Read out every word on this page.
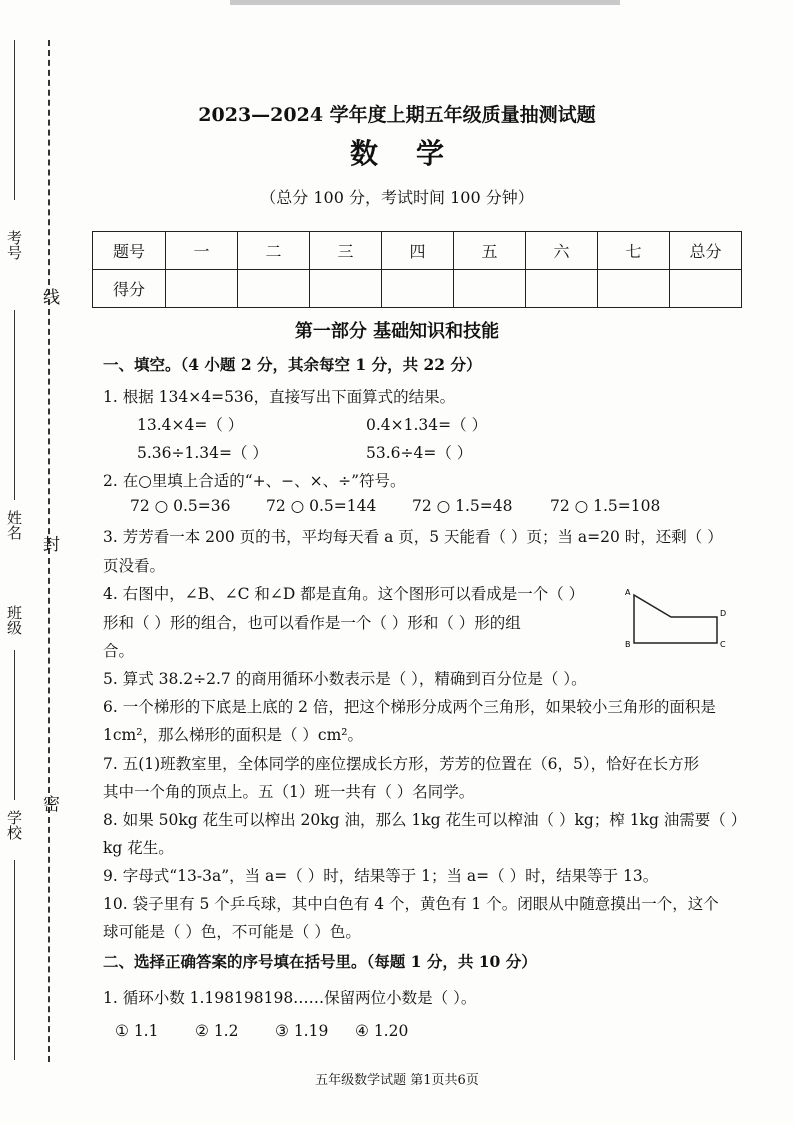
线
封
密
考号
姓名
班级
学校
2023—2024 学年度上期五年级质量抽测试题
数学
（总分 100 分，考试时间 100 分钟）
题号	一	二	三	四	五	六	七	总分
得分								
第一部分 基础知识和技能
一、填空。（4 小题 2 分，其余每空 1 分，共 22 分）
1. 根据 134×4=536，直接写出下面算式的结果。
13.4×4=（ ）	0.4×1.34=（ ）
5.36÷1.34=（ ）	53.6÷4=（ ）
2. 在○里填上合适的“+、−、×、÷”符号。
72 ○ 0.5=36 72 ○ 0.5=144 72 ○ 1.5=48 72 ○ 1.5=108
3. 芳芳看一本 200 页的书，平均每天看 a 页，5 天能看（ ）页；当 a=20 时，还剩（ ）
页没看。
4. 右图中，∠B、∠C 和∠D 都是直角。这个图形可以看成是一个（ ）
形和（ ）形的组合，也可以看作是一个（ ）形和（ ）形的组
合。
A
B	C
D
5. 算式 38.2÷2.7 的商用循环小数表示是（ ），精确到百分位是（ ）。
6. 一个梯形的下底是上底的 2 倍，把这个梯形分成两个三角形，如果较小三角形的面积是
1cm²，那么梯形的面积是（ ）cm²。
7. 五(1)班教室里，全体同学的座位摆成长方形，芳芳的位置在（6，5），恰好在长方形
其中一个角的顶点上。五（1）班一共有（ ）名同学。
8. 如果 50kg 花生可以榨出 20kg 油，那么 1kg 花生可以榨油（ ）kg；榨 1kg 油需要（ ）
kg 花生。
9. 字母式“13-3a”，当 a=（ ）时，结果等于 1；当 a=（ ）时，结果等于 13。
10. 袋子里有 5 个乒乓球，其中白色有 4 个，黄色有 1 个。闭眼从中随意摸出一个，这个
球可能是（ ）色，不可能是（ ）色。
二、选择正确答案的序号填在括号里。（每题 1 分，共 10 分）
1. 循环小数 1.198198198……保留两位小数是（ ）。
① 1.1 ② 1.2 ③ 1.19 ④ 1.20
五年级数学试题 第1页共6页
